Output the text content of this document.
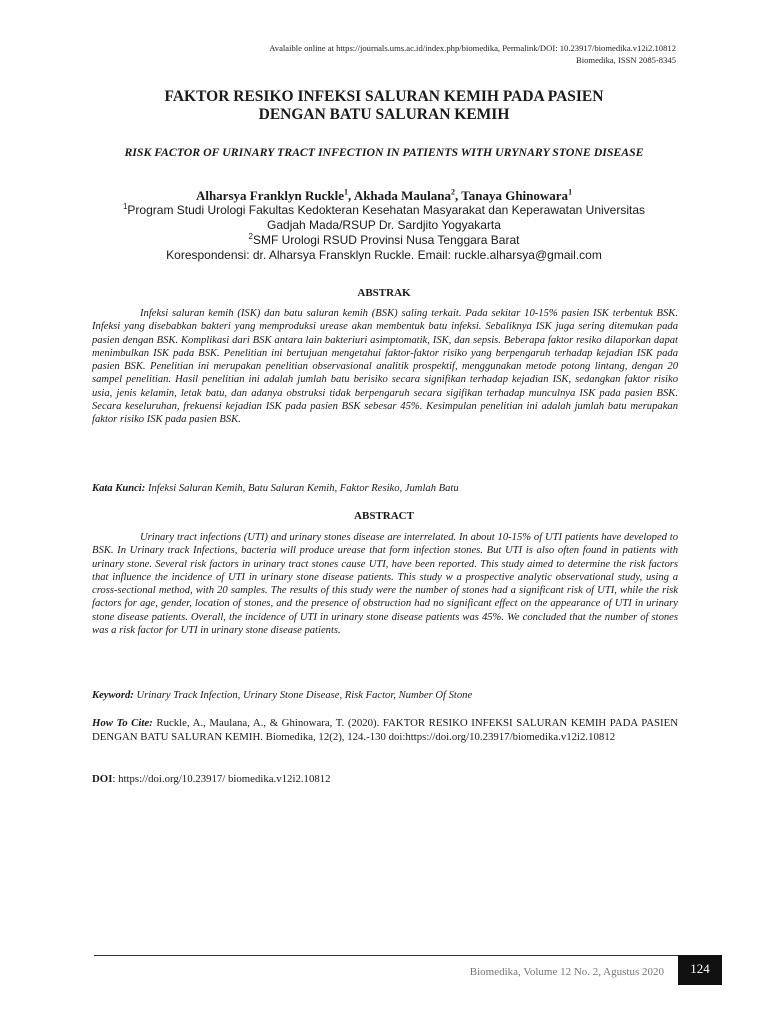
Avalaible online at https://journals.ums.ac.id/index.php/biomedika, Permalink/DOI: 10.23917/biomedika.v12i2.10812
Biomedika, ISSN 2085-8345
FAKTOR RESIKO INFEKSI SALURAN KEMIH PADA PASIEN
DENGAN BATU SALURAN KEMIH
RISK FACTOR OF URINARY TRACT INFECTION IN PATIENTS WITH URYNARY STONE DISEASE
Alharsya Franklyn Ruckle$^1$, Akhada Maulana$^2$, Tanaya Ghinowara$^1$
$^1$Program Studi Urologi Fakultas Kedokteran Kesehatan Masyarakat dan Keperawatan Universitas
Gadjah Mada/RSUP Dr. Sardjito Yogyakarta
$^2$SMF Urologi RSUD Provinsi Nusa Tenggara Barat
Korespondensi: dr. Alharsya Fransklyn Ruckle. Email: ruckle.alharsya@gmail.com
ABSTRAK

Infeksi saluran kemih (ISK) dan batu saluran kemih (BSK) saling terkait. Pada sekitar 10-15% pasien ISK terbentuk BSK. Infeksi yang disebabkan bakteri yang memproduksi urease akan membentuk batu infeksi. Sebaliknya ISK juga sering ditemukan pada pasien dengan BSK. Komplikasi dari BSK antara lain bakteriuri asimptomatik, ISK, dan sepsis. Beberapa faktor resiko dilaporkan dapat menimbulkan ISK pada BSK. Penelitian ini bertujuan mengetahui faktor-faktor risiko yang berpengaruh terhadap kejadian ISK pada pasien BSK. Penelitian ini merupakan penelitian observasional analitik prospektif, menggunakan metode potong lintang, dengan 20 sampel penelitian. Hasil penelitian ini adalah jumlah batu berisiko secara signifikan terhadap kejadian ISK, sedangkan faktor risiko usia, jenis kelamin, letak batu, dan adanya obstruksi tidak berpengaruh secara sigifikan terhadap munculnya ISK pada pasien BSK. Secara keseluruhan, frekuensi kejadian ISK pada pasien BSK sebesar 45%. Kesimpulan penelitian ini adalah jumlah batu merupakan faktor risiko ISK pada pasien BSK.

Kata Kunci: Infeksi Saluran Kemih, Batu Saluran Kemih, Faktor Resiko, Jumlah Batu
ABSTRACT

Urinary tract infections (UTI) and urinary stones disease are interrelated. In about 10-15% of UTI patients have developed to BSK. In Urinary track Infections, bacteria will produce urease that form infection stones. But UTI is also often found in patients with urinary stone. Several risk factors in urinary tract stones cause UTI, have been reported. This study aimed to determine the risk factors that influence the incidence of UTI in urinary stone disease patients. This study w a prospective analytic observational study, using a cross-sectional method, with 20 samples. The results of this study were the number of stones had a significant risk of UTI, while the risk factors for age, gender, location of stones, and the presence of obstruction had no significant effect on the appearance of UTI in urinary stone disease patients. Overall, the incidence of UTI in urinary stone disease patients was 45%. We concluded that the number of stones was a risk factor for UTI in urinary stone disease patients.

Keyword: Urinary Track Infection, Urinary Stone Disease, Risk Factor, Number Of Stone
How To Cite: Ruckle, A., Maulana, A., & Ghinowara, T. (2020). FAKTOR RESIKO INFEKSI SALURAN KEMIH PADA PASIEN DENGAN BATU SALURAN KEMIH. Biomedika, 12(2), 124.-130 doi:https://doi.org/10.23917/biomedika.v12i2.10812
DOI: https://doi.org/10.23917/ biomedika.v12i2.10812
Biomedika, Volume 12 No. 2, Agustus 2020	124
